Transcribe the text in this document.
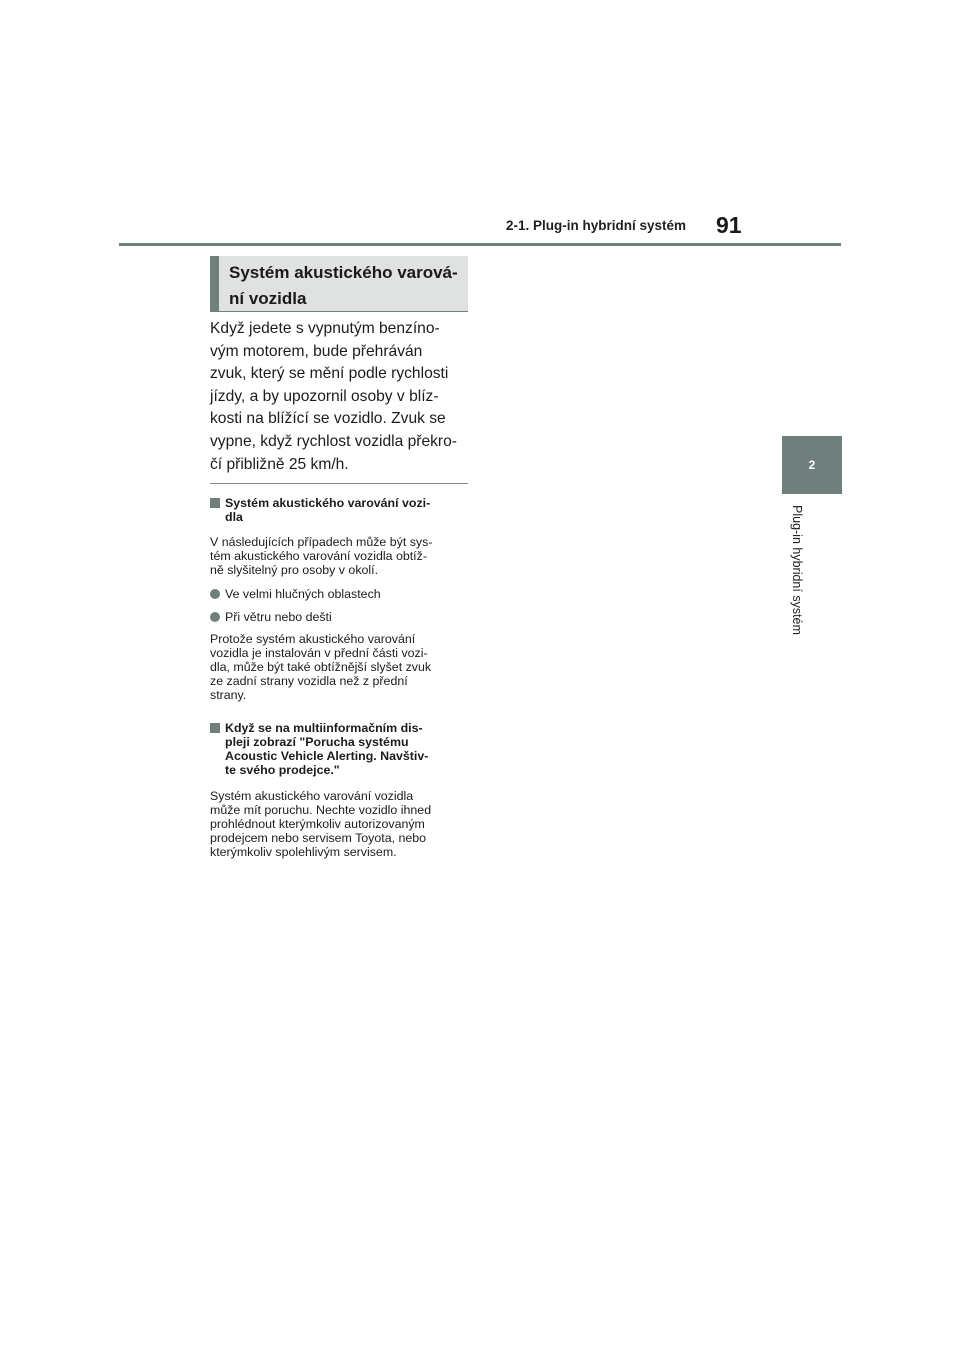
2-1. Plug-in hybridní systém 91
2
Plug-in hybridní systém
Systém akustického varová-
ní vozidla
Když jedete s vypnutým benzíno-
vým motorem, bude přehráván
zvuk, který se mění podle rychlosti
jízdy, a by upozornil osoby v blíz-
kosti na blížící se vozidlo. Zvuk se
vypne, když rychlost vozidla překro-
čí přibližně 25 km/h.
Systém akustického varování vozi-
dla
V následujících případech může být sys-
tém akustického varování vozidla obtíž-
ně slyšitelný pro osoby v okolí.
Ve velmi hlučných oblastech
Při větru nebo dešti
Protože systém akustického varování
vozidla je instalován v přední části vozi-
dla, může být také obtížnější slyšet zvuk
ze zadní strany vozidla než z přední
strany.
Když se na multiinformačním dis-
pleji zobrazí "Porucha systému
Acoustic Vehicle Alerting. Navštiv-
te svého prodejce."
Systém akustického varování vozidla
může mít poruchu. Nechte vozidlo ihned
prohlédnout kterýmkoliv autorizovaným
prodejcem nebo servisem Toyota, nebo
kterýmkoliv spolehlivým servisem.
